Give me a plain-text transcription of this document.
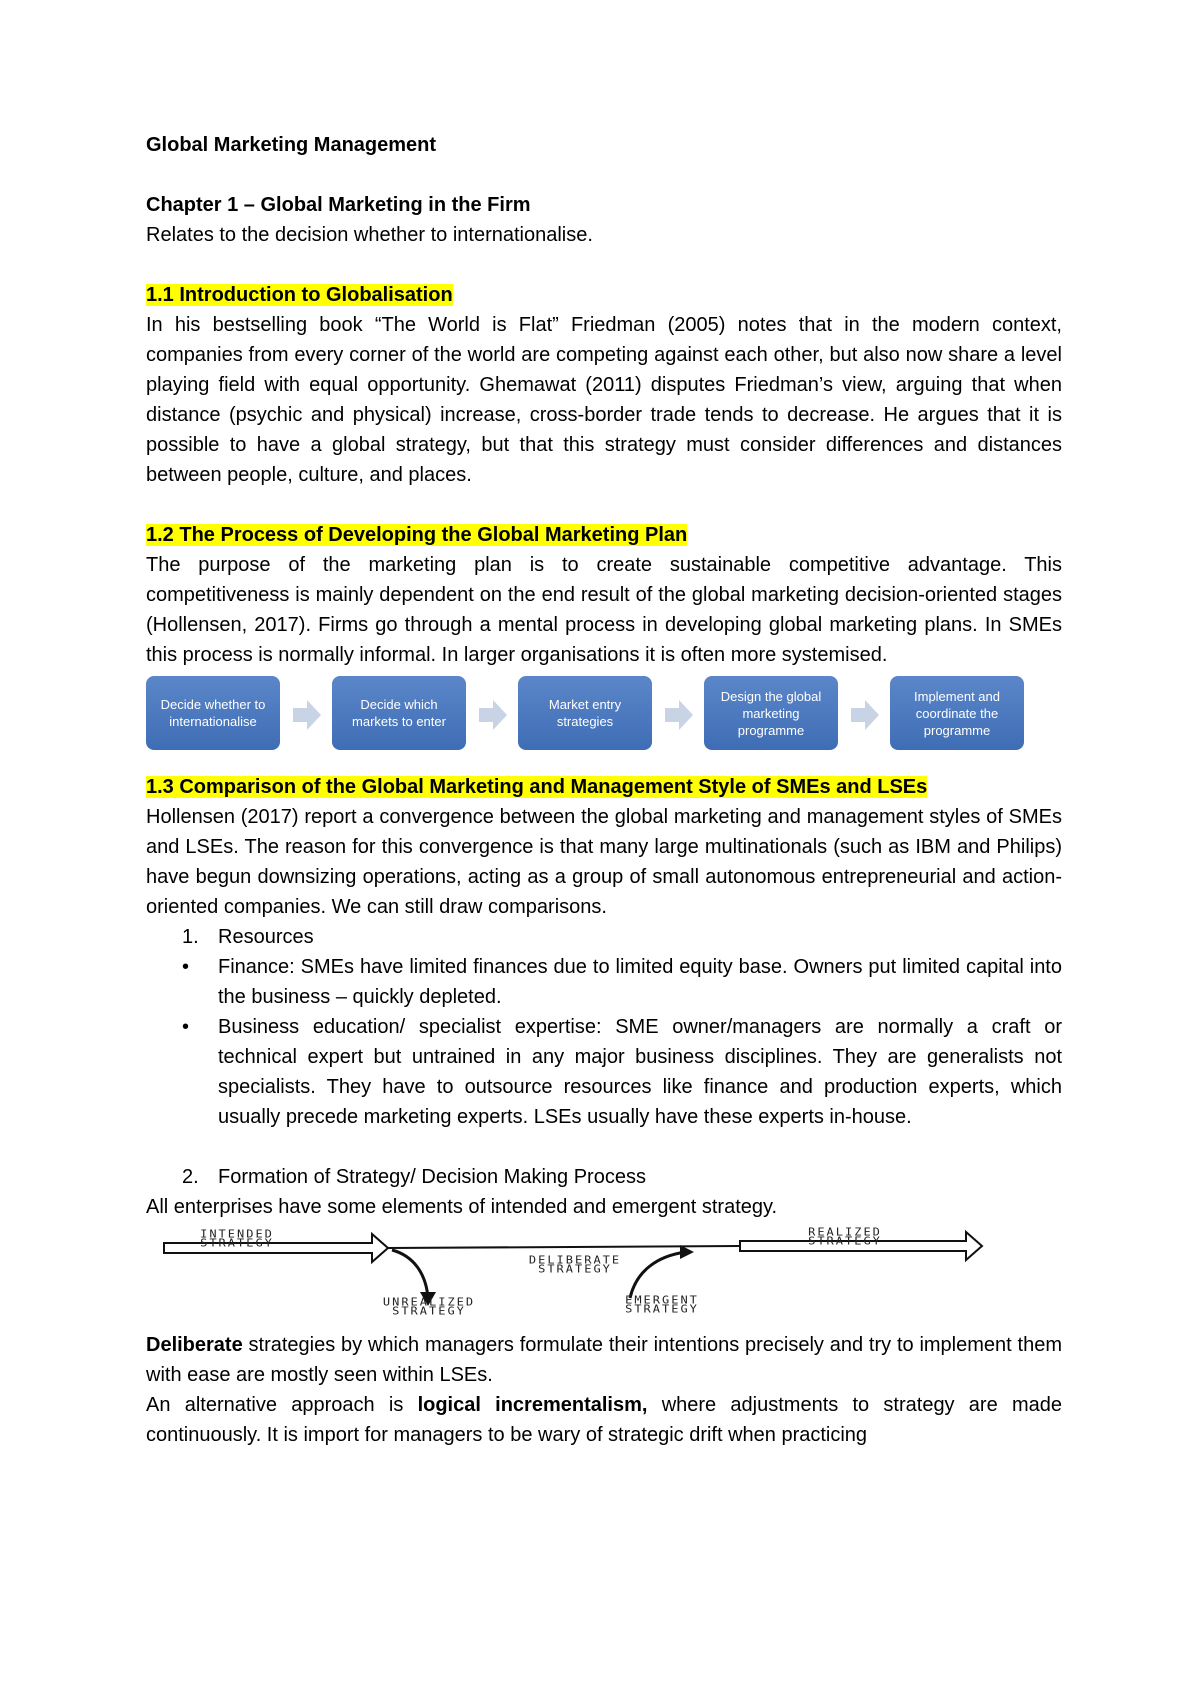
Global Marketing Management

Chapter 1 – Global Marketing in the Firm

Relates to the decision whether to internationalise.

1.1 Introduction to Globalisation

In his bestselling book “The World is Flat” Friedman (2005) notes that in the modern context, companies from every corner of the world are competing against each other, but also now share a level playing field with equal opportunity. Ghemawat (2011) disputes Friedman’s view, arguing that when distance (psychic and physical) increase, cross-border trade tends to decrease. He argues that it is possible to have a global strategy, but that this strategy must consider differences and distances between people, culture, and places.

1.2 The Process of Developing the Global Marketing Plan

The purpose of the marketing plan is to create sustainable competitive advantage. This competitiveness is mainly dependent on the end result of the global marketing decision-oriented stages (Hollensen, 2017). Firms go through a mental process in developing global marketing plans. In SMEs this process is normally informal. In larger organisations it is often more systemised.

Decide whether to internationalise
Decide which markets to enter
Market entry strategies
Design the global marketing programme
Implement and coordinate the programme

1.3 Comparison of the Global Marketing and Management Style of SMEs and LSEs

Hollensen (2017) report a convergence between the global marketing and management styles of SMEs and LSEs. The reason for this convergence is that many large multinationals (such as IBM and Philips) have begun downsizing operations, acting as a group of small autonomous entrepreneurial and action-oriented companies. We can still draw comparisons.

1. Resources
• Finance: SMEs have limited finances due to limited equity base. Owners put limited capital into the business – quickly depleted.
• Business education/ specialist expertise: SME owner/managers are normally a craft or technical expert but untrained in any major business disciplines. They are generalists not specialists. They have to outsource resources like finance and production experts, which usually precede marketing experts. LSEs usually have these experts in-house.
2. Formation of Strategy/ Decision Making Process

All enterprises have some elements of intended and emergent strategy.

INTENDED STRATEGY
REALIZED STRATEGY
DELIBERATE STRATEGY
UNREALIZED STRATEGY
EMERGENT STRATEGY

Deliberate strategies by which managers formulate their intentions precisely and try to implement them with ease are mostly seen within LSEs.

An alternative approach is logical incrementalism, where adjustments to strategy are made continuously. It is import for managers to be wary of strategic drift when practicing
